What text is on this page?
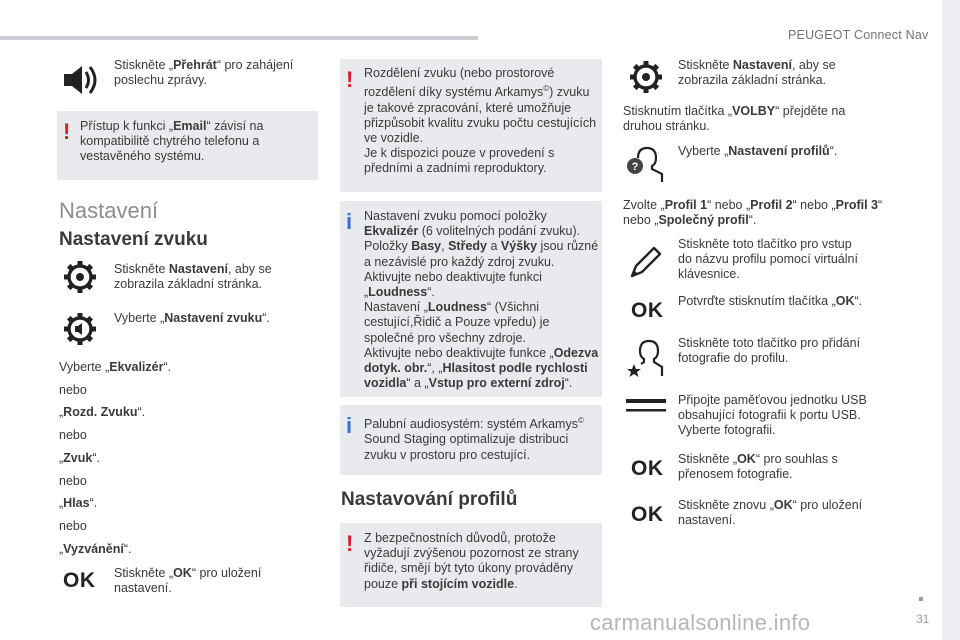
PEUGEOT Connect Nav
31
carmanualsonline.info
Stiskněte „Přehrát“ pro zahájení poslechu zprávy.
! Přístup k funkci „Email“ závisí na kompatibilitě chytrého telefonu a vestavěného systému.
Nastavení
Nastavení zvuku
Stiskněte Nastavení, aby se zobrazila základní stránka.
Vyberte „Nastavení zvuku“.
Vyberte „Ekvalizér“.
nebo
„Rozd. Zvuku“.
nebo
„Zvuk“.
nebo
„Hlas“.
nebo
„Vyzvánění“.
OK Stiskněte „OK“ pro uložení nastavení.
! Rozdělení zvuku (nebo prostorové
rozdělení díky systému Arkamys©) zvuku
je takové zpracování, které umožňuje
přizpůsobit kvalitu zvuku počtu cestujících
ve vozidle.
Je k dispozici pouze v provedení s
předními a zadními reproduktory.
i Nastavení zvuku pomocí položky
Ekvalizér (6 volitelných podání zvuku).
Položky Basy, Středy a Výšky jsou různé
a nezávislé pro každý zdroj zvuku.
Aktivujte nebo deaktivujte funkci
„Loudness“.
Nastavení „Loudness“ (Všichni
cestující,Řidič a Pouze vpředu) je
společné pro všechny zdroje.
Aktivujte nebo deaktivujte funkce „Odezva
dotyk. obr.“, „Hlasitost podle rychlosti
vozidla“ a „Vstup pro externí zdroj“.
i Palubní audiosystém: systém Arkamys©
Sound Staging optimalizuje distribuci
zvuku v prostoru pro cestující.
Nastavování profilů
! Z bezpečnostních důvodů, protože
vyžadují zvýšenou pozornost ze strany
řidiče, smějí být tyto úkony prováděny
pouze při stojícím vozidle.
Stiskněte Nastavení, aby se zobrazila základní stránka.
Stisknutím tlačítka „VOLBY“ přejděte na druhou stránku.
?
Vyberte „Nastavení profilů“.
Zvolte „Profil 1“ nebo „Profil 2“ nebo „Profil 3“
nebo „Společný profil“.
Stiskněte toto tlačítko pro vstup do názvu profilu pomocí virtuální klávesnice.
OK Potvrďte stisknutím tlačítka „OK“.
Stiskněte toto tlačítko pro přidání fotografie do profilu.
Připojte paměťovou jednotku USB obsahující fotografii k portu USB. Vyberte fotografii.
OK Stiskněte „OK“ pro souhlas s přenosem fotografie.
OK Stiskněte znovu „OK“ pro uložení nastavení.
